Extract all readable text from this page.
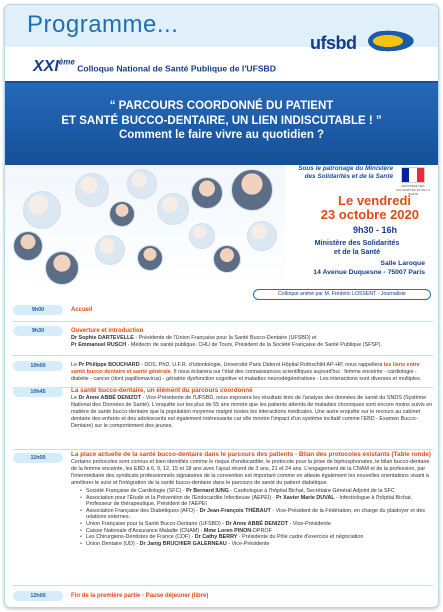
Programme...
ufsbd
XXIème Colloque National de Santé Publique de l'UFSBD
“ PARCOURS COORDONNÉ DU PATIENT
ET SANTÉ BUCCO-DENTAIRE, UN LIEN INDISCUTABLE ! ”
Comment le faire vivre au quotidien ?
MINISTÈRE DES SOLIDARITÉS ET DE LA SANTÉ
Sous le patronage du Ministère
des Solidarités et de la Santé
Le vendredi
23 octobre 2020
9h30 - 16h
Ministère des Solidarités
et de la Santé
Salle Laroque
14 Avenue Duquesne - 75007 Paris
Colloque animé par M. Frédéric LOSSENT - Journaliste
9h00	Accueil
9h30	Ouverture et introduction

Dr Sophie DARTEVELLE - Présidente de l'Union Française pour la Santé Bucco-Dentaire (UFSBD) et

Pr Emmanuel RUSCH - Médecin de santé publique, CHU de Tours, Président de la Société Française de Santé Publique (SFSP).

10h00	Le Pr Philippe BOUCHARD - DDS, PhD, U.F.R. d'odontologie, Université Paris Diderot Hôpital Rothschild AP-HP, nous rappellera les liens entre santé bucco-dentaire et santé générale. Il nous éclairera sur l'état des connaissances scientifiques aujourd'hui : femme enceinte - cardiologie - diabète - cancer (dont papillomavirus) - gériatrie dysfonction cognitive et maladies neurodégénératives - Les interactions sont diverses et multiples.

10h45	La santé bucco-dentaire, un élément du parcours coordonné

Le Dr Anne ABBÉ DENIZOT - Vice-Présidente de l'UFSBD, nous exposera les résultats tirés de l'analyse des données de santé du SNDS (Système National des Données de Santé). L'enquête sur les plus de 55 ans montre que les patients atteints de maladies chroniques sont encore moins suivis en matière de santé bucco-dentaire que la population moyenne malgré toutes les interactions médicales. Une autre enquête sur le recours au cabinet dentaire des enfants et des adolescents est également intéressante car elle montre l'impact d'un système incitatif comme l'EBD - Examen Bucco-Dentaire) sur le comportement des jeunes.

11h00	La place actuelle de la santé bucco-dentaire dans le parcours des patients - Bilan des protocoles existants (Table ronde)

Certains protocoles sont connus et bien identifiés comme le risque d'endocardite, le protocole pour la prise de biphosphonates, le bilan bucco-dentaire de la femme enceinte, les EBD à 6, 9, 12, 15 et 18 ans avec l'ajout récent de 3 ans, 21 et 24 ans. L'engagement de la CNAM et de la profession, par l'intermédiaire des syndicats professionnels signataires de la convention est important comme en atteste également les nouvelles orientations visant à améliorer le suivi et l'intégration de la santé bucco-dentaire dans le parcours de santé du patient diabétique.

• Société Française de Cardiologie (SFC) - Pr Bernard IUNG - Cardiologue à l'hôpital Bichat, Secrétaire Général Adjoint de la SFC
• Association pour l'Étude et la Prévention de l'Endocardite Infectieuse (AEPEI) - Pr Xavier Marie DUVAL - Infectiologue à l'hôpital Bichat, Professeur de thérapeutique, Président de l'AEPEI
• Association Française des Diabétiques (AFD) - Dr Jean-François THÉBAUT - Vice-Président de la Fédération, en charge du plaidoyer et des relations externes.
• Union Française pour la Santé Bucco-Dentaire (UFSBD) - Dr Anne ABBÉ DENIZOT - Vice-Présidente
• Caisse Nationale d'Assurance Maladie (CNAM) - Mme Loren PINON-DPROF
• Les Chirurgiens-Dentistes de France (CDF) - Dr Cathy BERRY - Présidente du Pôle cadre d'exercice et négociation
• Union Dentaire (UD) - Dr Janig BRUCHIER GALERNEAU - Vice-Présidente
12h00	Fin de la première partie - Pause déjeuner (libre)
